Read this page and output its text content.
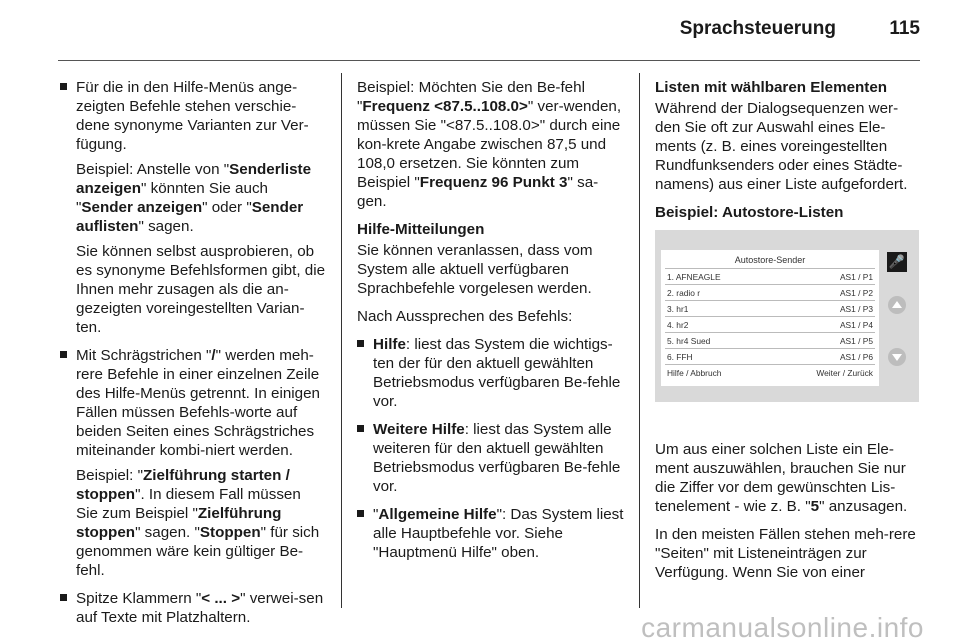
Sprachsteuerung	115
Für die in den Hilfe-Menüs ange-zeigten Befehle stehen verschie-dene synonyme Varianten zur Ver-fügung.
Beispiel: Anstelle von "Senderliste anzeigen" könnten Sie auch "Sender anzeigen" oder "Sender auflisten" sagen.
Sie können selbst ausprobieren, ob es synonyme Befehlsformen gibt, die Ihnen mehr zusagen als die an-gezeigten voreingestellten Varian-ten.
Mit Schrägstrichen "/" werden meh-rere Befehle in einer einzelnen Zeile des Hilfe-Menüs getrennt. In einigen Fällen müssen Befehls-worte auf beiden Seiten eines Schrägstriches miteinander kombi-niert werden.
Beispiel: "Zielführung starten / stoppen". In diesem Fall müssen Sie zum Beispiel "Zielführung stoppen" sagen. "Stoppen" für sich genommen wäre kein gültiger Be-fehl.
Spitze Klammern "< ... >" verwei-sen auf Texte mit Platzhaltern.
Beispiel: Möchten Sie den Be-fehl "Frequenz <87.5..108.0>" ver-wenden, müssen Sie "<87.5..108.0>" durch eine kon-krete Angabe zwischen 87,5 und 108,0 ersetzen. Sie könnten zum Beispiel "Frequenz 96 Punkt 3" sa-gen.
Hilfe-Mitteilungen
Sie können veranlassen, dass vom System alle aktuell verfügbaren Sprachbefehle vorgelesen werden.
Nach Aussprechen des Befehls:
Hilfe: liest das System die wichtigs-ten der für den aktuell gewählten Betriebsmodus verfügbaren Be-fehle vor.
Weitere Hilfe: liest das System alle weiteren für den aktuell gewählten Betriebsmodus verfügbaren Be-fehle vor.
"Allgemeine Hilfe": Das System liest alle Hauptbefehle vor. Siehe "Hauptmenü Hilfe" oben.
Listen mit wählbaren Elementen
Während der Dialogsequenzen wer-den Sie oft zur Auswahl eines Ele-ments (z. B. eines voreingestellten Rundfunksenders oder eines Städte-namens) aus einer Liste aufgefordert.
Beispiel: Autostore-Listen
Autostore-Sender
1. AFNEAGLE	AS1 / P1
2. radio r	AS1 / P2
3. hr1	AS1 / P3
4. hr2	AS1 / P4
5. hr4 Sued	AS1 / P5
6. FFH	AS1 / P6
Hilfe / Abbruch	Weiter / Zurück
🎤
Um aus einer solchen Liste ein Ele-ment auszuwählen, brauchen Sie nur die Ziffer vor dem gewünschten Lis-tenelement - wie z. B. "5" anzusagen.
In den meisten Fällen stehen meh-rere "Seiten" mit Listeneinträgen zur Verfügung. Wenn Sie von einer
carmanualsonline.info
